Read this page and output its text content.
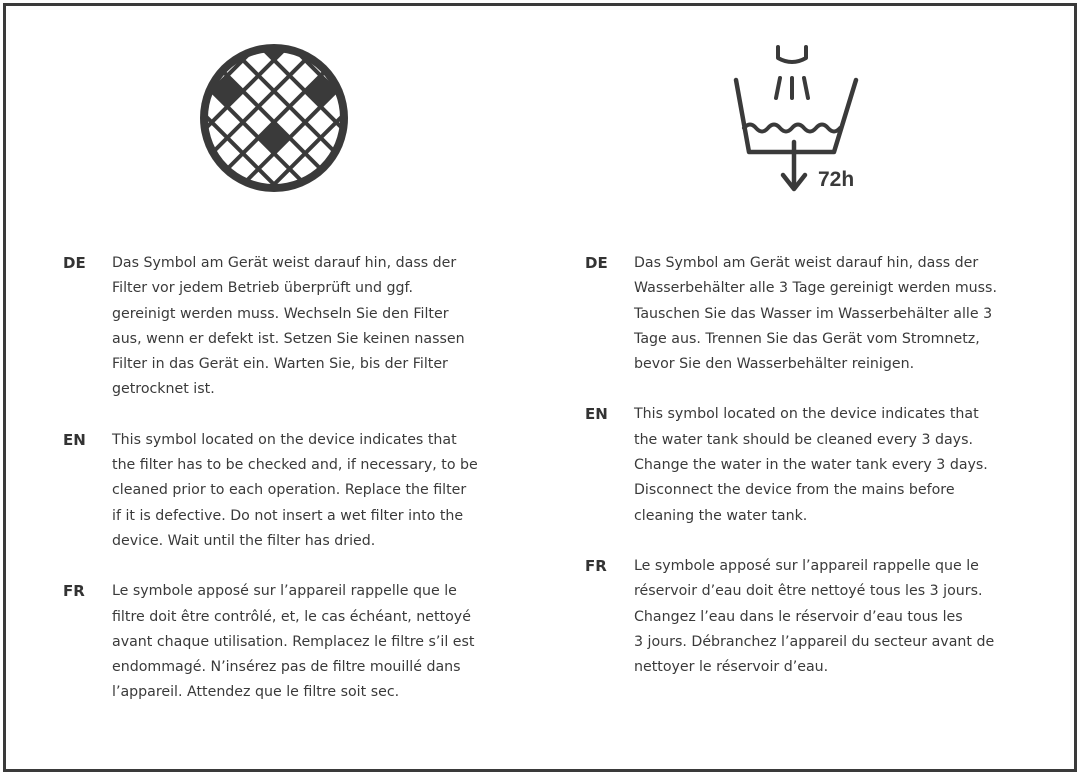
72h
DE	Das Symbol am Gerät weist darauf hin, dass der
Filter vor jedem Betrieb überprüft und ggf.
gereinigt werden muss. Wechseln Sie den Filter
aus, wenn er defekt ist. Setzen Sie keinen nassen
Filter in das Gerät ein. Warten Sie, bis der Filter
getrocknet ist.
EN	This symbol located on the device indicates that
the filter has to be checked and, if necessary, to be
cleaned prior to each operation. Replace the filter
if it is defective. Do not insert a wet filter into the
device. Wait until the filter has dried.
FR	Le symbole apposé sur l’appareil rappelle que le
filtre doit être contrôlé, et, le cas échéant, nettoyé
avant chaque utilisation. Remplacez le filtre s’il est
endommagé. N’insérez pas de filtre mouillé dans
l’appareil. Attendez que le filtre soit sec.
DE	Das Symbol am Gerät weist darauf hin, dass der
Wasserbehälter alle 3 Tage gereinigt werden muss.
Tauschen Sie das Wasser im Wasserbehälter alle 3
Tage aus. Trennen Sie das Gerät vom Stromnetz,
bevor Sie den Wasserbehälter reinigen.
EN	This symbol located on the device indicates that
the water tank should be cleaned every 3 days.
Change the water in the water tank every 3 days.
Disconnect the device from the mains before
cleaning the water tank.
FR	Le symbole apposé sur l’appareil rappelle que le
réservoir d’eau doit être nettoyé tous les 3 jours.
Changez l’eau dans le réservoir d’eau tous les
3 jours. Débranchez l’appareil du secteur avant de
nettoyer le réservoir d’eau.
